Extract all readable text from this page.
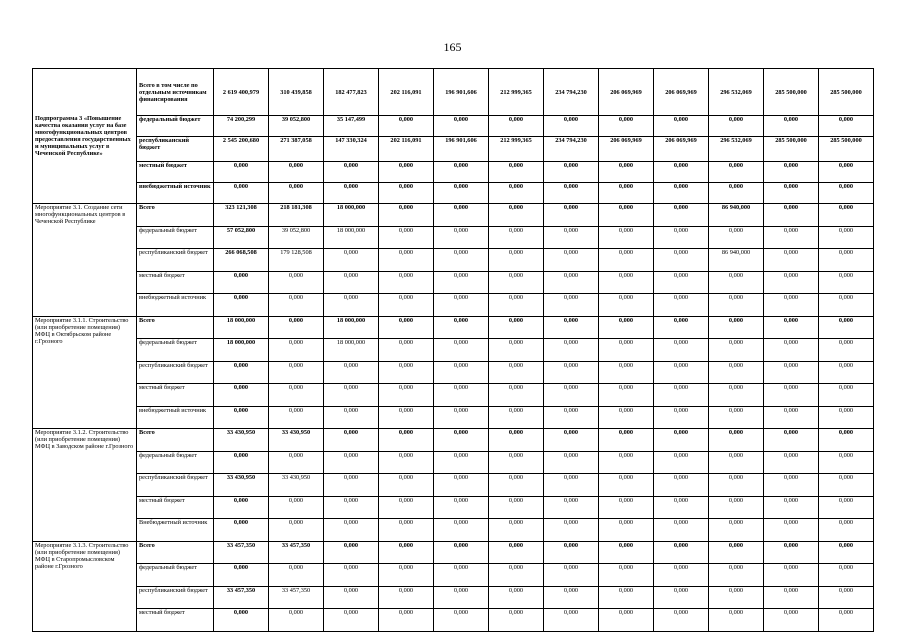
165
Подпрограмма 3 «Повышение качества оказания услуг на базе многофункциональных центров предоставления государственных и муниципальных услуг в Чеченской Республике»	Всего в том числе по отдельным источникам финансирования	2 619 400,979	310 439,858	182 477,823	202 116,091	196 901,606	212 999,365	234 794,230	206 069,969	206 069,969	296 532,069	285 500,000	285 500,000
	федеральный бюджет	74 200,299	39 052,800	35 147,499	0,000	0,000	0,000	0,000	0,000	0,000	0,000	0,000	0,000
	республиканский бюджет	2 545 200,680	271 387,058	147 330,324	202 116,091	196 901,606	212 999,365	234 794,230	206 069,969	206 069,969	296 532,069	285 500,000	285 500,000
	местный бюджет	0,000	0,000	0,000	0,000	0,000	0,000	0,000	0,000	0,000	0,000	0,000	0,000
	внебюджетный источник	0,000	0,000	0,000	0,000	0,000	0,000	0,000	0,000	0,000	0,000	0,000	0,000
Мероприятие 3.1. Создание сети многофункциональных центров в Чеченской Республике	Всего	323 121,308	218 181,308	18 000,000	0,000	0,000	0,000	0,000	0,000	0,000	86 940,000	0,000	0,000
	федеральный бюджет	57 052,800	39 052,800	18 000,000	0,000	0,000	0,000	0,000	0,000	0,000	0,000	0,000	0,000
	республиканский бюджет	266 068,508	179 128,508	0,000	0,000	0,000	0,000	0,000	0,000	0,000	86 940,000	0,000	0,000
	местный бюджет	0,000	0,000	0,000	0,000	0,000	0,000	0,000	0,000	0,000	0,000	0,000	0,000
	внебюджетный источник	0,000	0,000	0,000	0,000	0,000	0,000	0,000	0,000	0,000	0,000	0,000	0,000
Мероприятие 3.1.1. Строительство (или приобретение помещения) МФЦ в Октябрьском районе г.Грозного	Всего	18 000,000	0,000	18 000,000	0,000	0,000	0,000	0,000	0,000	0,000	0,000	0,000	0,000
	федеральный бюджет	18 000,000	0,000	18 000,000	0,000	0,000	0,000	0,000	0,000	0,000	0,000	0,000	0,000
	республиканский бюджет	0,000	0,000	0,000	0,000	0,000	0,000	0,000	0,000	0,000	0,000	0,000	0,000
	местный бюджет	0,000	0,000	0,000	0,000	0,000	0,000	0,000	0,000	0,000	0,000	0,000	0,000
	внебюджетный источник	0,000	0,000	0,000	0,000	0,000	0,000	0,000	0,000	0,000	0,000	0,000	0,000
Мероприятие 3.1.2. Строительство (или приобретение помещения) МФЦ в Заводском районе г.Грозного	Всего	33 430,950	33 430,950	0,000	0,000	0,000	0,000	0,000	0,000	0,000	0,000	0,000	0,000
	федеральный бюджет	0,000	0,000	0,000	0,000	0,000	0,000	0,000	0,000	0,000	0,000	0,000	0,000
	республиканский бюджет	33 430,950	33 430,950	0,000	0,000	0,000	0,000	0,000	0,000	0,000	0,000	0,000	0,000
	местный бюджет	0,000	0,000	0,000	0,000	0,000	0,000	0,000	0,000	0,000	0,000	0,000	0,000
	Внебюджетный источник	0,000	0,000	0,000	0,000	0,000	0,000	0,000	0,000	0,000	0,000	0,000	0,000
Мероприятие 3.1.3. Строительство (или приобретение помещения) МФЦ в Старопромысловском районе г.Грозного	Всего	33 457,350	33 457,350	0,000	0,000	0,000	0,000	0,000	0,000	0,000	0,000	0,000	0,000
	федеральный бюджет	0,000	0,000	0,000	0,000	0,000	0,000	0,000	0,000	0,000	0,000	0,000	0,000
	республиканский бюджет	33 457,350	33 457,350	0,000	0,000	0,000	0,000	0,000	0,000	0,000	0,000	0,000	0,000
	местный бюджет	0,000	0,000	0,000	0,000	0,000	0,000	0,000	0,000	0,000	0,000	0,000	0,000
